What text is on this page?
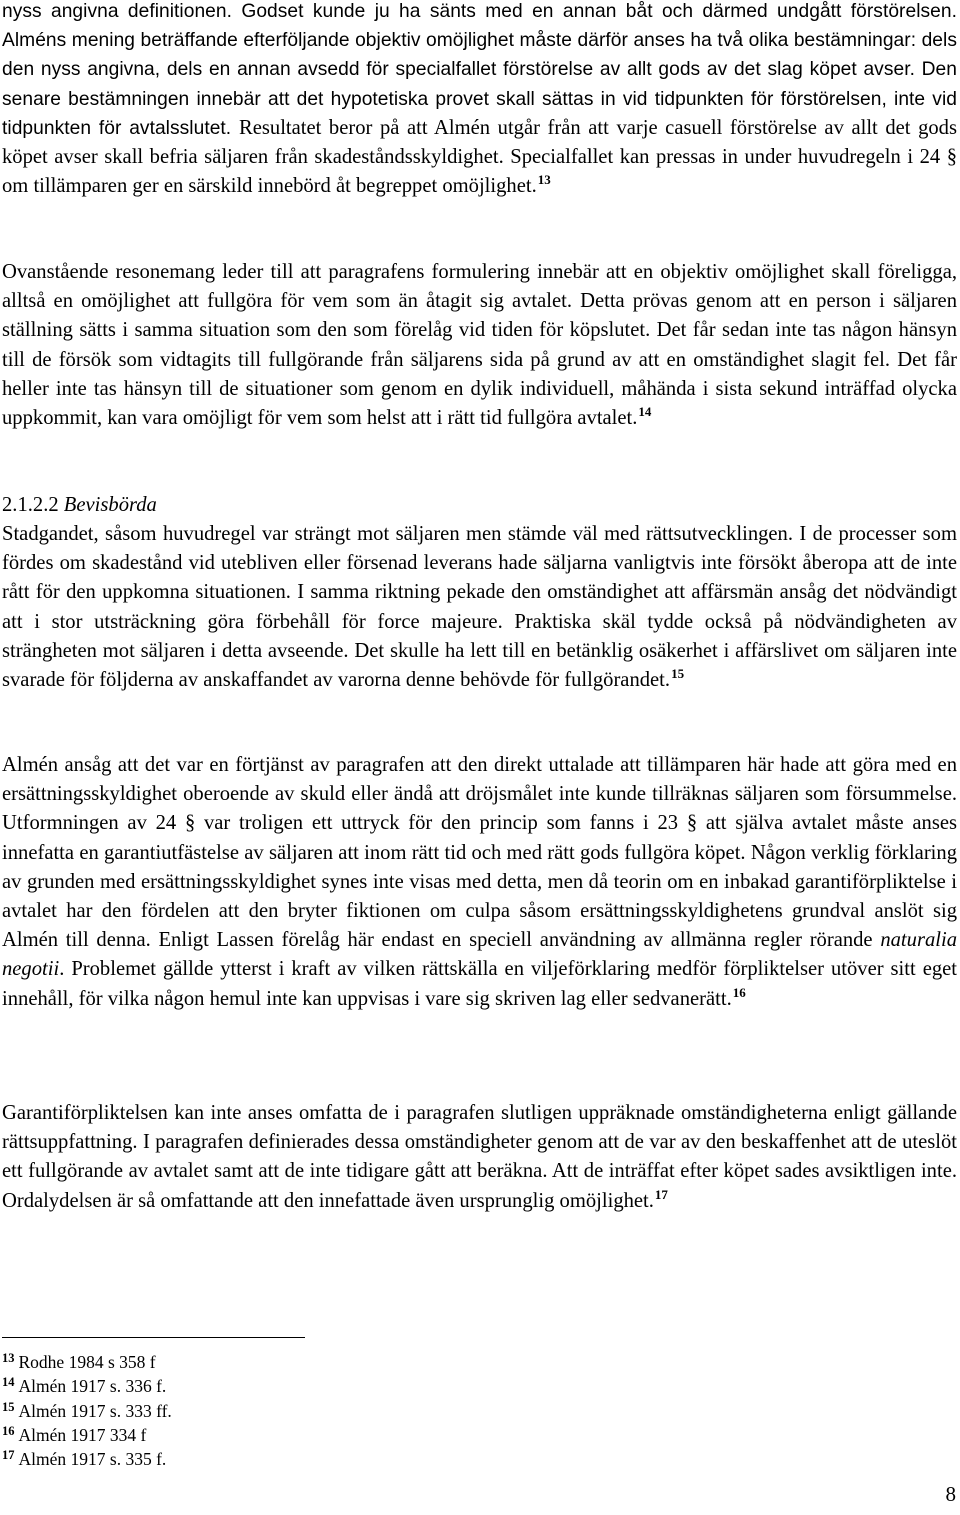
nyss angivna definitionen. Godset kunde ju ha sänts med en annan båt och därmed undgått förstörelsen. Alméns mening beträffande efterföljande objektiv omöjlighet måste därför anses ha två olika bestämningar: dels den nyss angivna, dels en annan avsedd för specialfallet förstörelse av allt gods av det slag köpet avser. Den senare bestämningen innebär att det hypotetiska provet skall sättas in vid tidpunkten för förstörelsen, inte vid tidpunkten för avtalsslutet. Resultatet beror på att Almén utgår från att varje casuell förstörelse av allt det gods köpet avser skall befria säljaren från skadeståndsskyldighet. Specialfallet kan pressas in under huvudregeln i 24 § om tillämparen ger en särskild innebörd åt begreppet omöjlighet.$^{13}$

Ovanstående resonemang leder till att paragrafens formulering innebär att en objektiv omöjlighet skall föreligga, alltså en omöjlighet att fullgöra för vem som än åtagit sig avtalet. Detta prövas genom att en person i säljaren ställning sätts i samma situation som den som förelåg vid tiden för köpslutet. Det får sedan inte tas någon hänsyn till de försök som vidtagits till fullgörande från säljarens sida på grund av att en omständighet slagit fel. Det får heller inte tas hänsyn till de situationer som genom en dylik individuell, måhända i sista sekund inträffad olycka uppkommit, kan vara omöjligt för vem som helst att i rätt tid fullgöra avtalet.$^{14}$

2.1.2.2 Bevisbörda

Stadgandet, såsom huvudregel var strängt mot säljaren men stämde väl med rättsutvecklingen. I de processer som fördes om skadestånd vid utebliven eller försenad leverans hade säljarna vanligtvis inte försökt åberopa att de inte rått för den uppkomna situationen. I samma riktning pekade den omständighet att affärsmän ansåg det nödvändigt att i stor utsträckning göra förbehåll för force majeure. Praktiska skäl tydde också på nödvändigheten av strängheten mot säljaren i detta avseende. Det skulle ha lett till en betänklig osäkerhet i affärslivet om säljaren inte svarade för följderna av anskaffandet av varorna denne behövde för fullgörandet.$^{15}$

Almén ansåg att det var en förtjänst av paragrafen att den direkt uttalade att tillämparen här hade att göra med en ersättningsskyldighet oberoende av skuld eller ändå att dröjsmålet inte kunde tillräknas säljaren som försummelse. Utformningen av 24 § var troligen ett uttryck för den princip som fanns i 23 § att själva avtalet måste anses innefatta en garantiutfästelse av säljaren att inom rätt tid och med rätt gods fullgöra köpet. Någon verklig förklaring av grunden med ersättningsskyldighet synes inte visas med detta, men då teorin om en inbakad garantiförpliktelse i avtalet har den fördelen att den bryter fiktionen om culpa såsom ersättningsskyldighetens grundval anslöt sig Almén till denna. Enligt Lassen förelåg här endast en speciell användning av allmänna regler rörande naturalia negotii. Problemet gällde ytterst i kraft av vilken rättskälla en viljeförklaring medför förpliktelser utöver sitt eget innehåll, för vilka någon hemul inte kan uppvisas i vare sig skriven lag eller sedvanerätt.$^{16}$

Garantiförpliktelsen kan inte anses omfatta de i paragrafen slutligen uppräknade omständigheterna enligt gällande rättsuppfattning. I paragrafen definierades dessa omständigheter genom att de var av den beskaffenhet att de uteslöt ett fullgörande av avtalet samt att de inte tidigare gått att beräkna. Att de inträffat efter köpet sades avsiktligen inte. Ordalydelsen är så omfattande att den innefattade även ursprunglig omöjlighet.$^{17}$

$^{13}$ Rodhe 1984 s 358 f
$^{14}$ Almén 1917 s. 336 f.
$^{15}$ Almén 1917 s. 333 ff.
$^{16}$ Almén 1917 334 f
$^{17}$ Almén 1917 s. 335 f.
8
